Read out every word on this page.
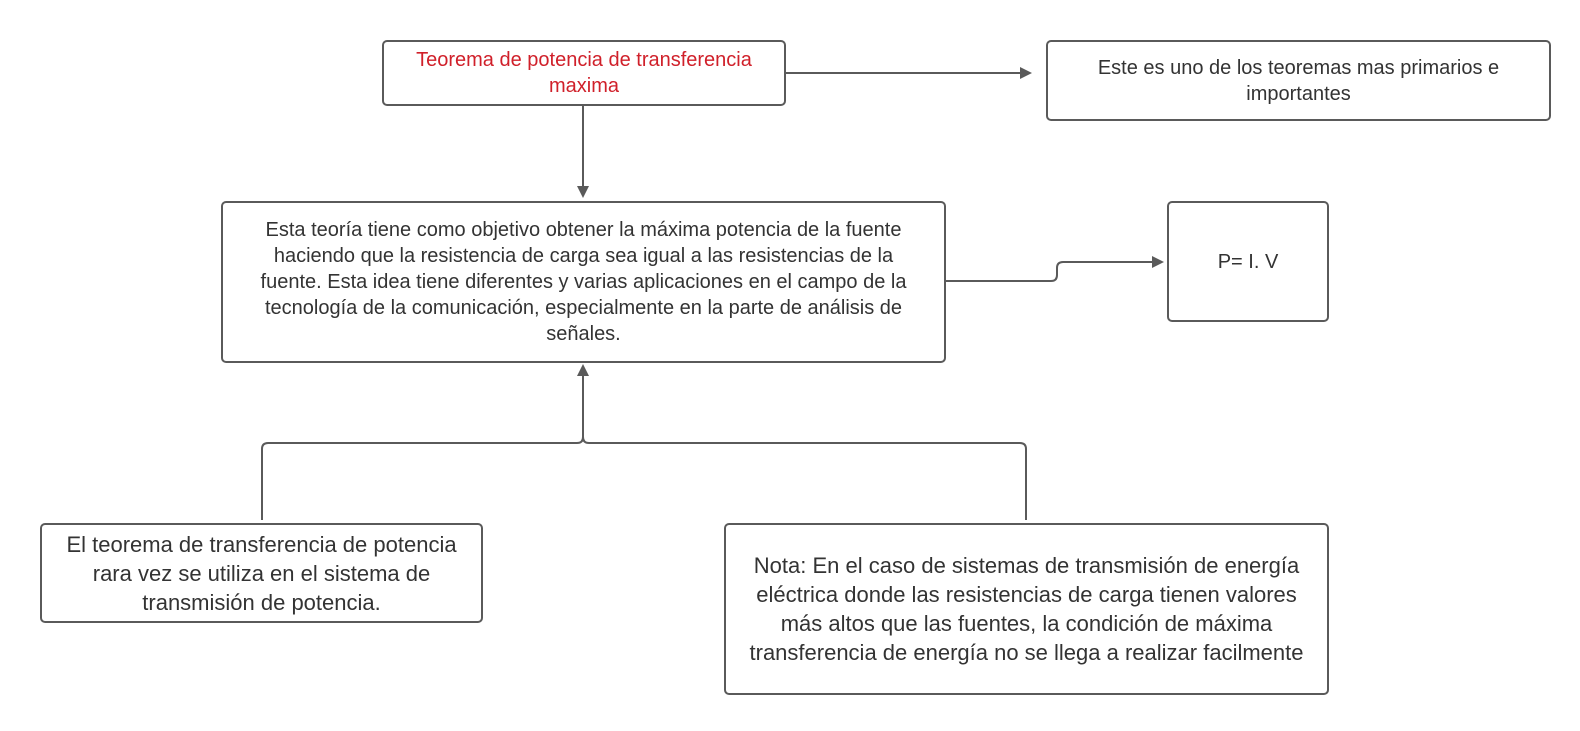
Teorema de potencia de transferencia maxima
Este es uno de los teoremas mas primarios e importantes
Esta teoría tiene como objetivo obtener la máxima potencia de la fuente haciendo que la resistencia de carga sea igual a las resistencias de la fuente. Esta idea tiene diferentes y varias aplicaciones en el campo de la tecnología de la comunicación, especialmente en la parte de análisis de señales.
P= I. V
El teorema de transferencia de potencia rara vez se utiliza en el sistema de transmisión de potencia.
Nota: En el caso de sistemas de transmisión de energía eléctrica donde las resistencias de carga tienen valores más altos que las fuentes, la condición de máxima transferencia de energía no se llega a realizar facilmente
